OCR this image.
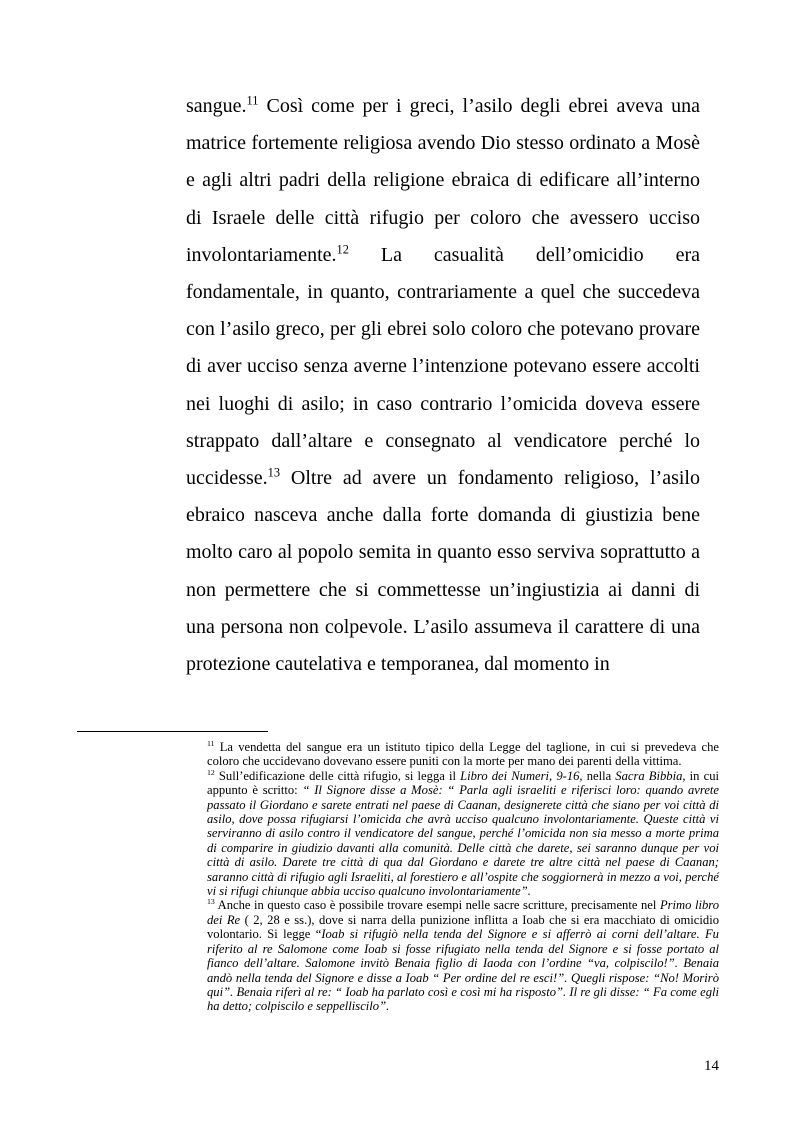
sangue.$^{11}$ Così come per i greci, l’asilo degli ebrei aveva una matrice fortemente religiosa avendo Dio stesso ordinato a Mosè e agli altri padri della religione ebraica di edificare all’interno di Israele delle città rifugio per coloro che avessero ucciso involontariamente.$^{12}$ La casualità dell’omicidio era fondamentale, in quanto, contrariamente a quel che succedeva con l’asilo greco, per gli ebrei solo coloro che potevano provare di aver ucciso senza averne l’intenzione potevano essere accolti nei luoghi di asilo; in caso contrario l’omicida doveva essere strappato dall’altare e consegnato al vendicatore perché lo uccidesse.$^{13}$ Oltre ad avere un fondamento religioso, l’asilo ebraico nasceva anche dalla forte domanda di giustizia bene molto caro al popolo semita in quanto esso serviva soprattutto a non permettere che si commettesse un’ingiustizia ai danni di una persona non colpevole. L’asilo assumeva il carattere di una protezione cautelativa e temporanea, dal momento in

$^{11}$ La vendetta del sangue era un istituto tipico della Legge del taglione, in cui si prevedeva che coloro che uccidevano dovevano essere puniti con la morte per mano dei parenti della vittima.

$^{12}$ Sull’edificazione delle città rifugio, si legga il Libro dei Numeri, 9-16, nella Sacra Bibbia, in cui appunto è scritto: “ Il Signore disse a Mosè: “ Parla agli israeliti e riferisci loro: quando avrete passato il Giordano e sarete entrati nel paese di Caanan, designerete città che siano per voi città di asilo, dove possa rifugiarsi l’omicida che avrà ucciso qualcuno involontariamente. Queste città vi serviranno di asilo contro il vendicatore del sangue, perché l’omicida non sia messo a morte prima di comparire in giudizio davanti alla comunità. Delle città che darete, sei saranno dunque per voi città di asilo. Darete tre città di qua dal Giordano e darete tre altre città nel paese di Caanan; saranno città di rifugio agli Israeliti, al forestiero e all’ospite che soggiornerà in mezzo a voi, perché vi si rifugi chiunque abbia ucciso qualcuno involontariamente”.

$^{13}$ Anche in questo caso è possibile trovare esempi nelle sacre scritture, precisamente nel Primo libro dei Re ( 2, 28 e ss.), dove si narra della punizione inflitta a Ioab che si era macchiato di omicidio volontario. Si legge “Ioab si rifugiò nella tenda del Signore e si afferrò ai corni dell’altare. Fu riferito al re Salomone come Ioab si fosse rifugiato nella tenda del Signore e si fosse portato al fianco dell’altare. Salomone invitò Benaia figlio di Iaoda con l’ordine “va, colpiscilo!”. Benaia andò nella tenda del Signore e disse a Ioab “ Per ordine del re esci!”. Quegli rispose: “No! Morirò qui”. Benaia riferì al re: “ Ioab ha parlato così e così mi ha risposto”. Il re gli disse: “ Fa come egli ha detto; colpiscilo e seppelliscilo”.

14
